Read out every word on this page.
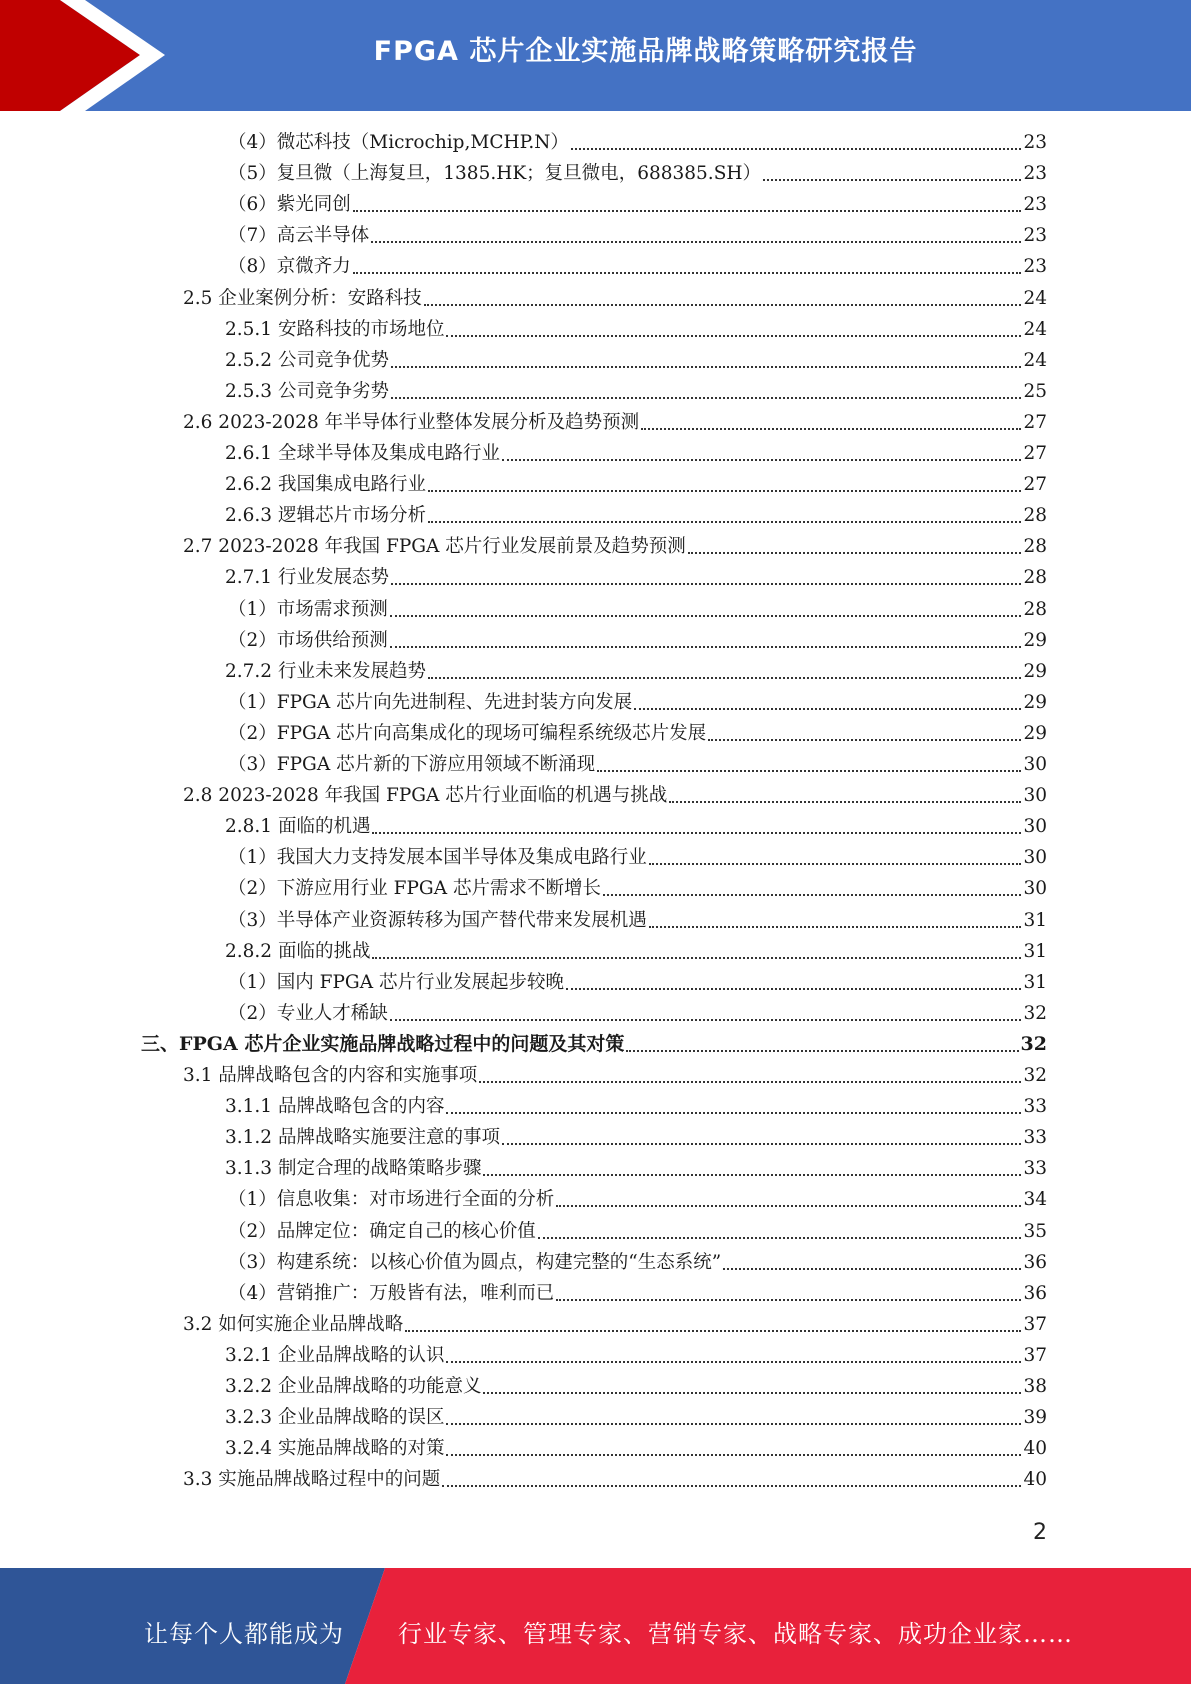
FPGA 芯片企业实施品牌战略策略研究报告
（4）微芯科技（Microchip,MCHP.N）	23
（5）复旦微（上海复旦，1385.HK；复旦微电，688385.SH）	23
（6）紫光同创	23
（7）高云半导体	23
（8）京微齐力	23
2.5 企业案例分析：安路科技	24
2.5.1 安路科技的市场地位	24
2.5.2 公司竞争优势	24
2.5.3 公司竞争劣势	25
2.6 2023-2028 年半导体行业整体发展分析及趋势预测	27
2.6.1 全球半导体及集成电路行业	27
2.6.2 我国集成电路行业	27
2.6.3 逻辑芯片市场分析	28
2.7 2023-2028 年我国 FPGA 芯片行业发展前景及趋势预测	28
2.7.1 行业发展态势	28
（1）市场需求预测	28
（2）市场供给预测	29
2.7.2 行业未来发展趋势	29
（1）FPGA 芯片向先进制程、先进封装方向发展	29
（2）FPGA 芯片向高集成化的现场可编程系统级芯片发展	29
（3）FPGA 芯片新的下游应用领域不断涌现	30
2.8 2023-2028 年我国 FPGA 芯片行业面临的机遇与挑战	30
2.8.1 面临的机遇	30
（1）我国大力支持发展本国半导体及集成电路行业	30
（2）下游应用行业 FPGA 芯片需求不断增长	30
（3）半导体产业资源转移为国产替代带来发展机遇	31
2.8.2 面临的挑战	31
（1）国内 FPGA 芯片行业发展起步较晚	31
（2）专业人才稀缺	32
三、FPGA 芯片企业实施品牌战略过程中的问题及其对策	32
3.1 品牌战略包含的内容和实施事项	32
3.1.1 品牌战略包含的内容	33
3.1.2 品牌战略实施要注意的事项	33
3.1.3 制定合理的战略策略步骤	33
（1）信息收集：对市场进行全面的分析	34
（2）品牌定位：确定自己的核心价值	35
（3）构建系统：以核心价值为圆点，构建完整的“生态系统”	36
（4）营销推广：万般皆有法，唯利而已	36
3.2 如何实施企业品牌战略	37
3.2.1 企业品牌战略的认识	37
3.2.2 企业品牌战略的功能意义	38
3.2.3 企业品牌战略的误区	39
3.2.4 实施品牌战略的对策	40
3.3 实施品牌战略过程中的问题	40
2
让每个人都能成为 行业专家、管理专家、营销专家、战略专家、成功企业家……
